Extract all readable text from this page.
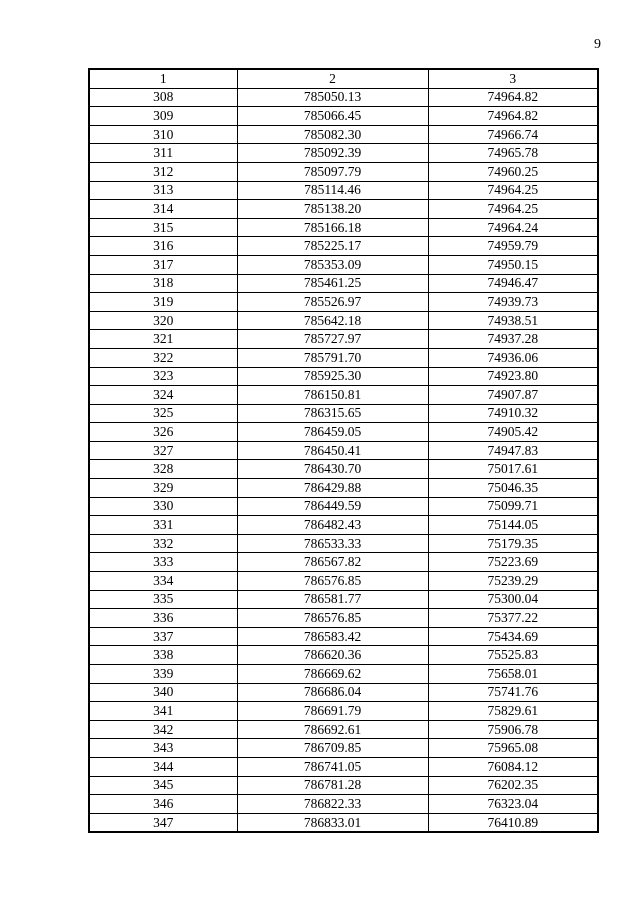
9
1	2	3
308	785050.13	74964.82
309	785066.45	74964.82
310	785082.30	74966.74
311	785092.39	74965.78
312	785097.79	74960.25
313	785114.46	74964.25
314	785138.20	74964.25
315	785166.18	74964.24
316	785225.17	74959.79
317	785353.09	74950.15
318	785461.25	74946.47
319	785526.97	74939.73
320	785642.18	74938.51
321	785727.97	74937.28
322	785791.70	74936.06
323	785925.30	74923.80
324	786150.81	74907.87
325	786315.65	74910.32
326	786459.05	74905.42
327	786450.41	74947.83
328	786430.70	75017.61
329	786429.88	75046.35
330	786449.59	75099.71
331	786482.43	75144.05
332	786533.33	75179.35
333	786567.82	75223.69
334	786576.85	75239.29
335	786581.77	75300.04
336	786576.85	75377.22
337	786583.42	75434.69
338	786620.36	75525.83
339	786669.62	75658.01
340	786686.04	75741.76
341	786691.79	75829.61
342	786692.61	75906.78
343	786709.85	75965.08
344	786741.05	76084.12
345	786781.28	76202.35
346	786822.33	76323.04
347	786833.01	76410.89
